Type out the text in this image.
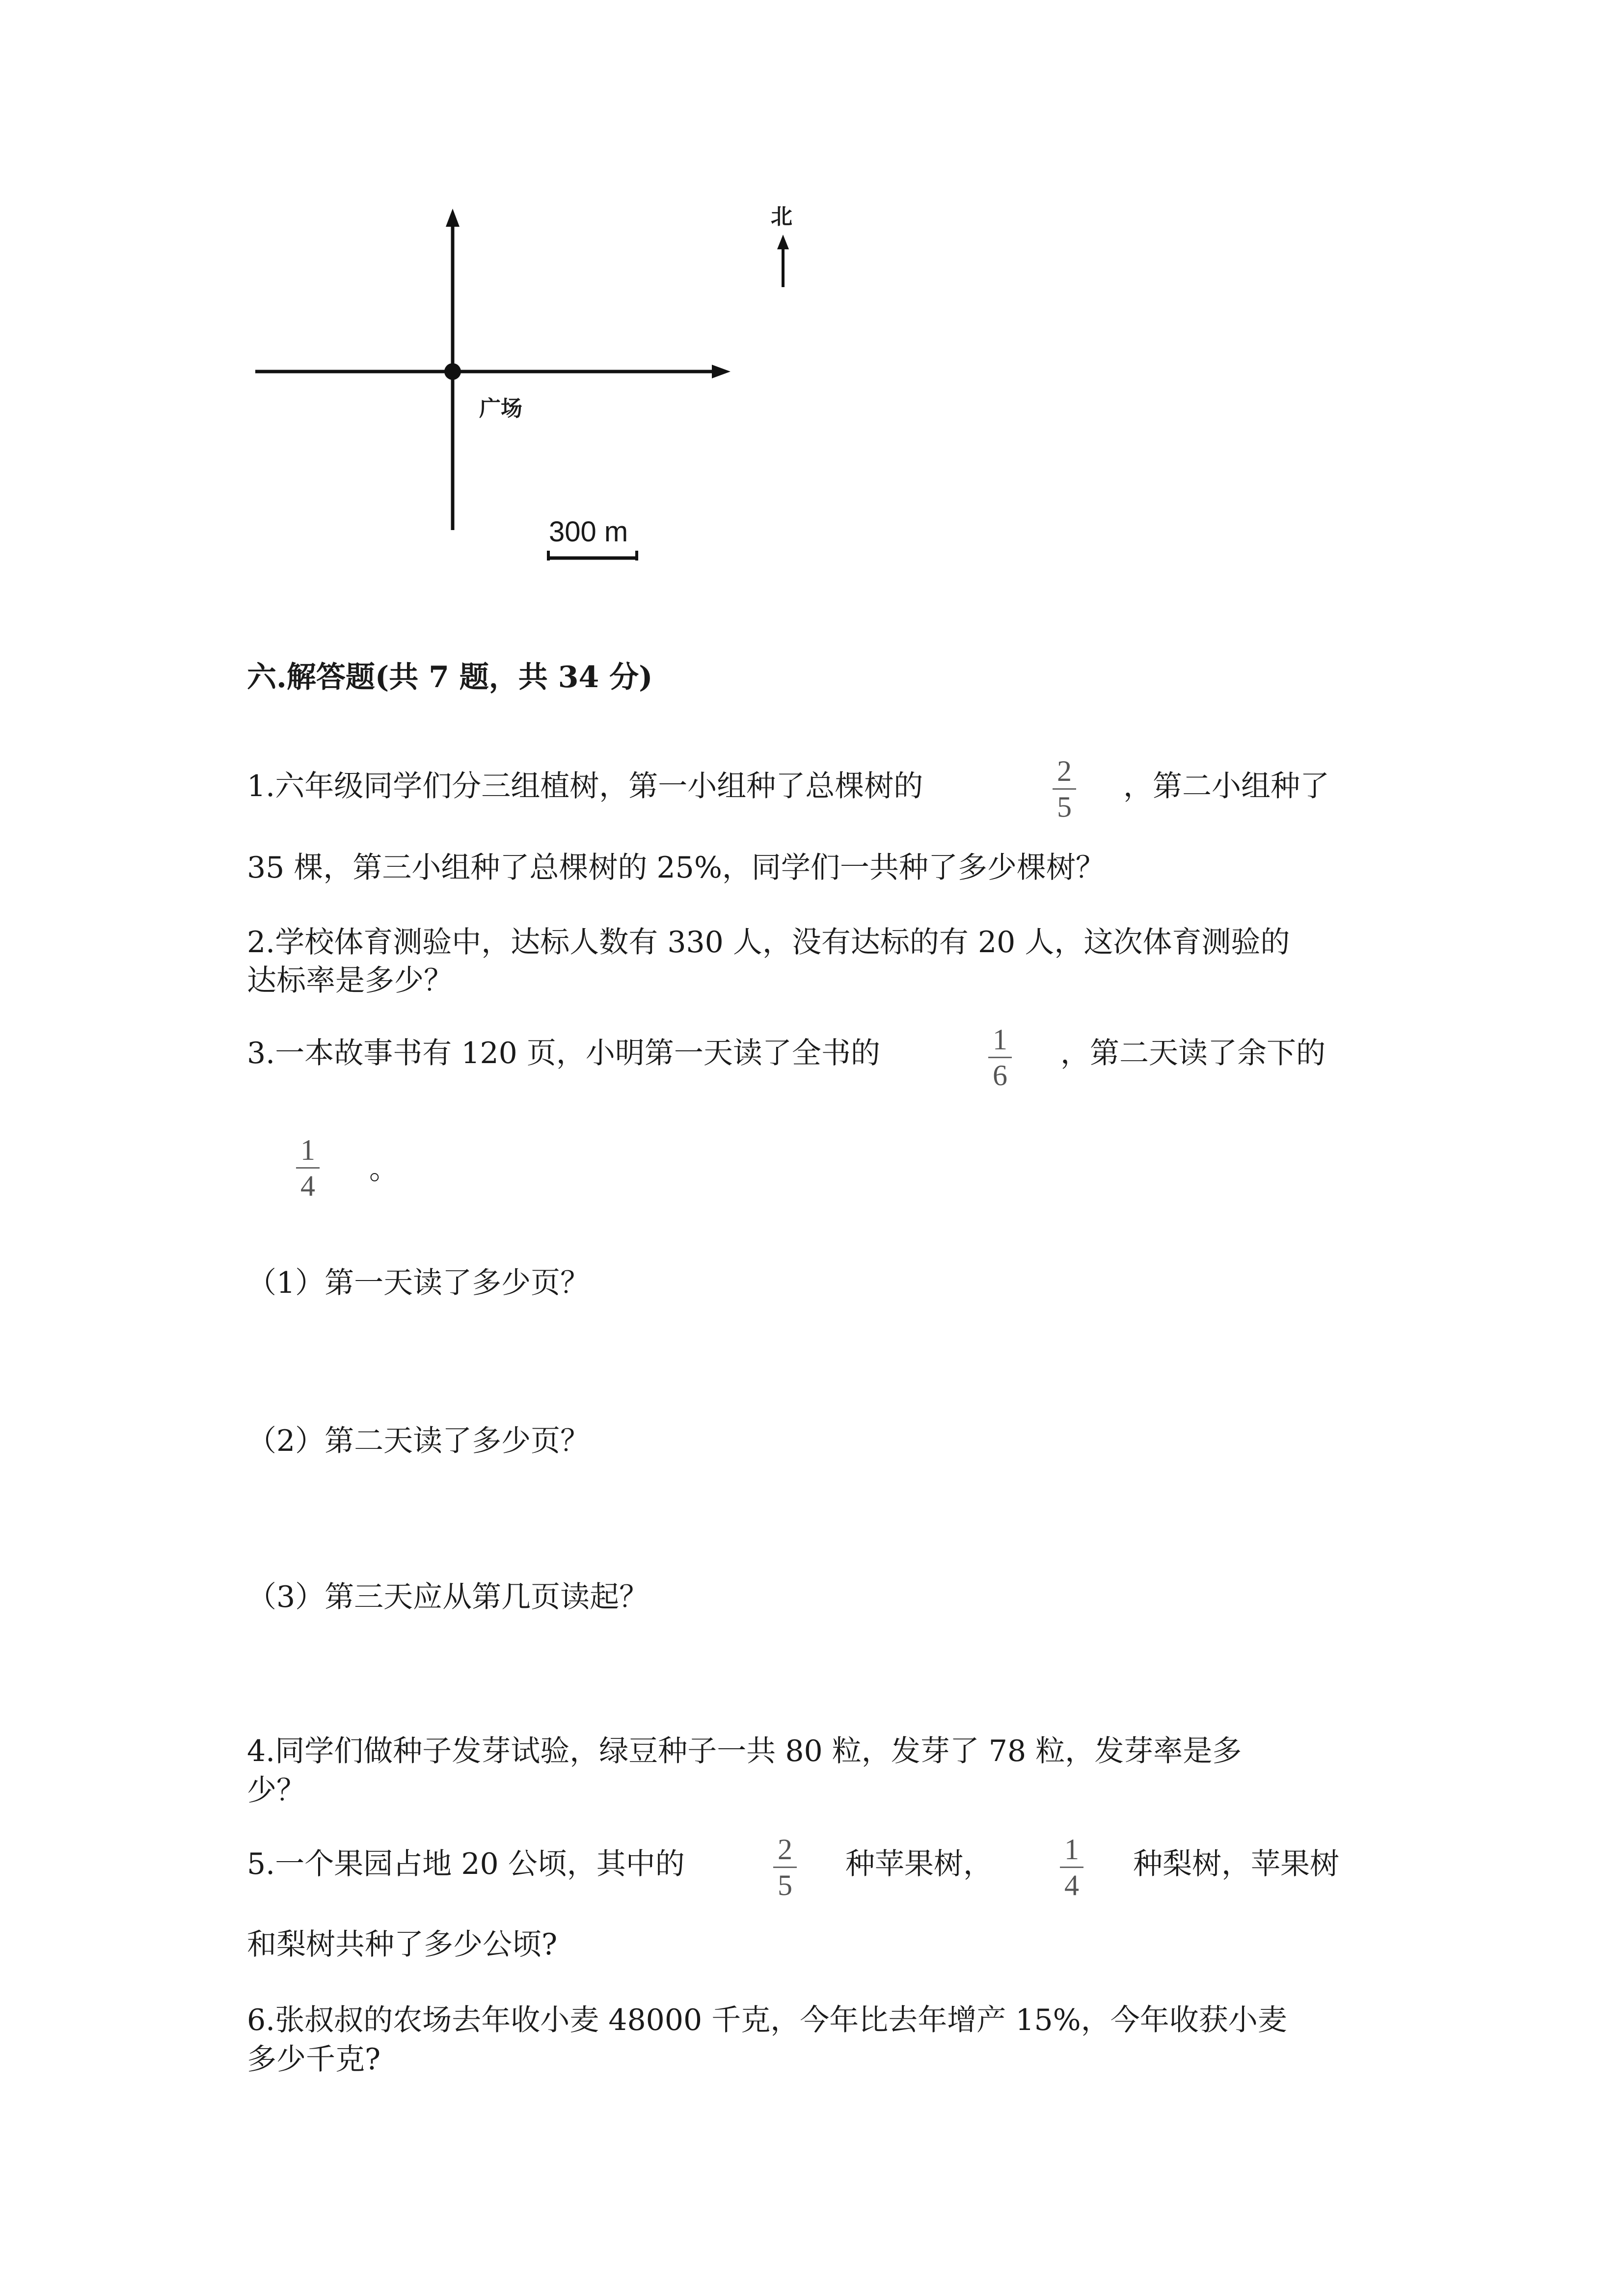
北
广场
300 m
六.解答题(共 7 题，共 34 分)
1.六年级同学们分三组植树，第一小组种了总棵树的	2
5
，第二小组种了
35 棵，第三小组种了总棵树的 25%，同学们一共种了多少棵树？
2.学校体育测验中，达标人数有 330 人，没有达标的有 20 人，这次体育测验的
达标率是多少？
3.一本故事书有 120 页，小明第一天读了全书的	1
6
，第二天读了余下的
1
4 。
（1）第一天读了多少页？
（2）第二天读了多少页？
（3）第三天应从第几页读起？
4.同学们做种子发芽试验，绿豆种子一共 80 粒，发芽了 78 粒，发芽率是多
少？
5.一个果园占地 20 公顷，其中的	2
5
种苹果树， 1
4
种梨树，苹果树
和梨树共种了多少公顷?
6.张叔叔的农场去年收小麦 48000 千克，今年比去年增产 15%，今年收获小麦
多少千克?
